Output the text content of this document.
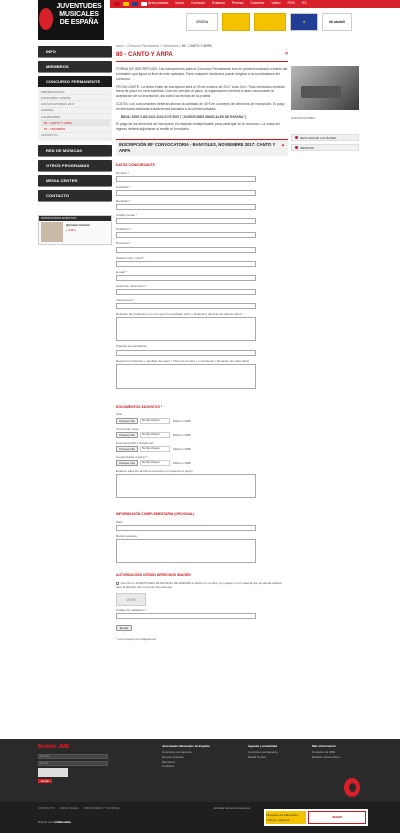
JUVENTUDES
MUSICALES
DE ESPAÑA
Área privada Inicio Contacto Enlaces Prensa Suscribe Video RSS ES
CRODA	★	ibi abubill
INFO
MIEMBROS
CONCURSO PERMANENTE
PRESENTACIÓN
CONCURSO JUNIOR
CONVOCATORIAS 2017
JURADO
GANADORES
80 - CANTO Y ARPA
81 - TROMBÓN
CONTACTO
RED DE MÚSICAS
OTROS PROGRAMAS
MEDIA CENTER
CONTACTO
PATROCINIOS EVENTOS
Quinteto Umbral
+ INFO
Inicio > Concurso Permanente > Ganadores > 80 - CANTO Y ARPA
80 - CANTO Y ARPA	×

FORMA DE INSCRIPCIÓN: Las inscripciones para el Concurso Permanente son en primera instancia a través del formulario que figura al final de este apartado. Para cualquier incidencia puede dirigirse a la coordinadora del concurso.

FECHA LÍMITE: La fecha límite de inscripción será el 30 de octubre de 2017 a las 24 h. Todo formulario remitido fuera de plazo no será admitido. Una vez cerrado el plazo, la organización remitirá a cada concursante la aceptación de su inscripción, así como las fechas de la prueba.

CUOTA: Los concursantes deberán abonar la cantidad de 30 € en concepto de derechos de inscripción. El pago se efectuará mediante transferencia bancaria a la cuenta indicada:

BBVA: ES87 0182 5322 4102 0170 5007 ("JUVENTUDES MUSICALES DE ESPAÑA")

El pago de los derechos de inscripción es requisito indispensable para participar en el concurso. La copia del ingreso deberá adjuntarse al remitir el formulario.

INSCRIPCIÓN 80ª CONVOCATORIA - BANYOLES, NOVIEMBRE 2017: CANTO Y ARPA
▲
DATOS CONCURSANTE
Nombre *
Apellidos *
Domicilio *
Código postal *
Población *
Provincia *
Teléfono fijo / móvil *
E-mail *
Fecha de nacimiento *
Instrumento *
Relación de profesores con los que ha estudiado (Año y titulación) durante los últimos años *
Pianista acompañante
Repertorio (Nombre y apellido del autor / Título de la obra y movimiento / Duración de cada obra)
DOCUMENTOS ADJUNTOS *
Foto
Choose File	No file chosen	Máximo 2MB
Currículum vitae
Choose File	No file chosen	Máximo 2MB
Fotocopia DNI o Pasaporte
Choose File	No file chosen	Máximo 2MB
Comprobante ingreso *
Choose File	No file chosen	Máximo 2MB
Enlaces para los archivos extensos (si superan el peso)
INFORMACIÓN COMPLEMENTARIA (OPCIONAL)
Web
Redes sociales
AUTORIZACIÓN CESIÓN DERECHOS IMAGEN
Autorizo a JUVENTUDES MUSICALES DE ESPAÑA a utilizar mi nombre y/o imagen en el material que se pueda realizar para la difusión del Concurso Permanente.
WEB
Código de validación *
Enviar
* Los campos son obligatorios
CONVOCATORIA
DESCARGAR LAS BASES
IMPRIMIR
Boletín JME
Nombre
E-mail
Enviar
Juventudes Musicales de España
Concurso permanente
Red de músicas
Miembros
Contacto
Agenda y actualidad
Concurso permanente
Media Center
Más información
Contacto de JME
Enlaces Juntas Musi...
CONTACTO AVISO LEGAL PRIVACIDAD Y COOKIES
Diseño web inMaculada
Entidad subvencionada por
Ministerio de Educación, Cultura y Deporte
INAEM
